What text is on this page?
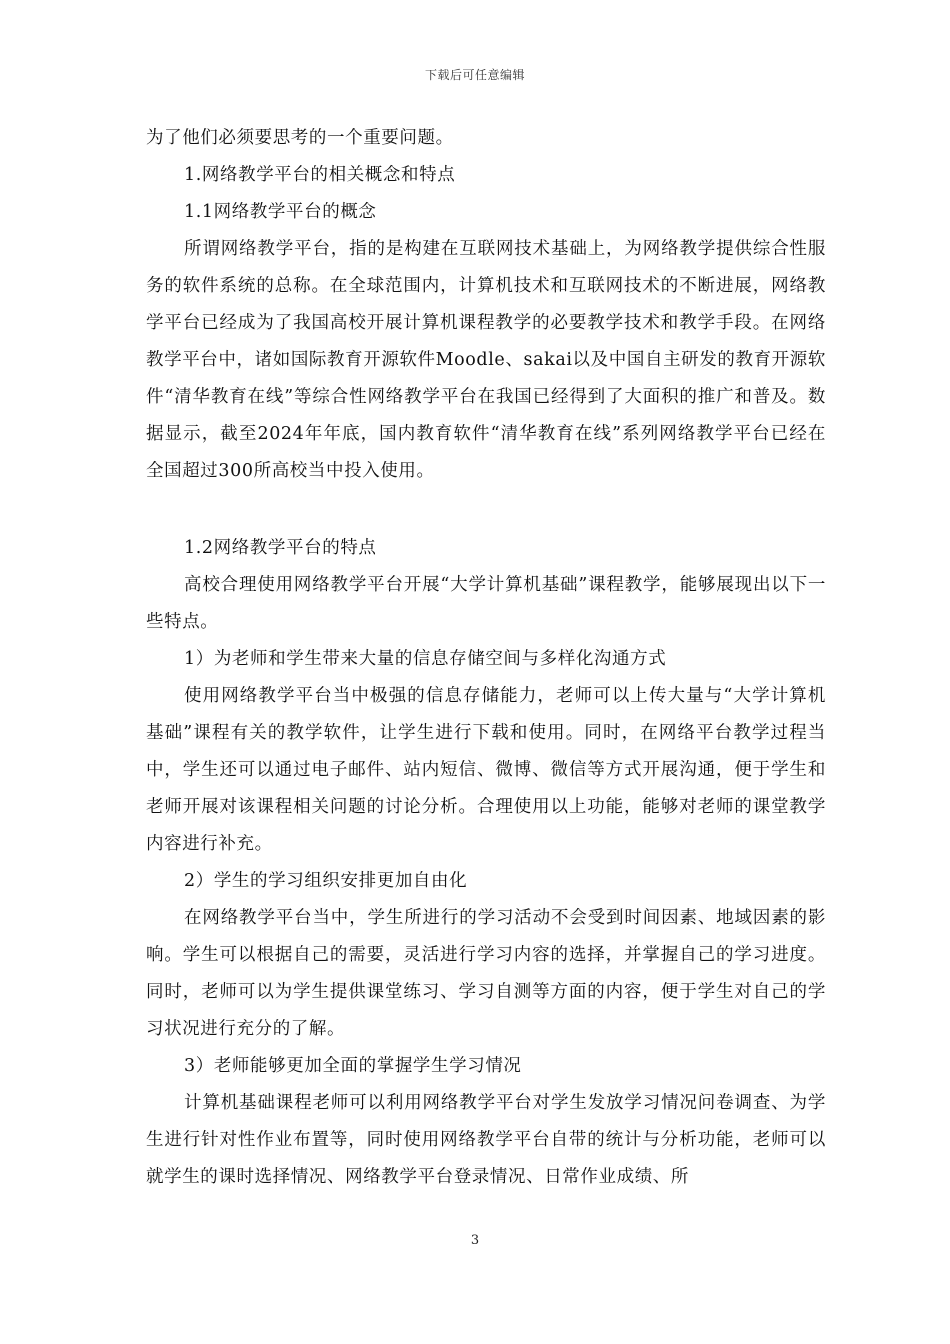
下载后可任意编辑

为了他们必须要思考的一个重要问题。

1.网络教学平台的相关概念和特点

1.1网络教学平台的概念

所谓网络教学平台，指的是构建在互联网技术基础上，为网络教学提供综合性服务的软件系统的总称。在全球范围内，计算机技术和互联网技术的不断进展，网络教学平台已经成为了我国高校开展计算机课程教学的必要教学技术和教学手段。在网络教学平台中，诸如国际教育开源软件Moodle、sakai以及中国自主研发的教育开源软件“清华教育在线”等综合性网络教学平台在我国已经得到了大面积的推广和普及。数据显示，截至2024年年底，国内教育软件“清华教育在线”系列网络教学平台已经在全国超过300所高校当中投入使用。

1.2网络教学平台的特点

高校合理使用网络教学平台开展“大学计算机基础”课程教学，能够展现出以下一些特点。

1）为老师和学生带来大量的信息存储空间与多样化沟通方式

使用网络教学平台当中极强的信息存储能力，老师可以上传大量与“大学计算机基础”课程有关的教学软件，让学生进行下载和使用。同时，在网络平台教学过程当中，学生还可以通过电子邮件、站内短信、微博、微信等方式开展沟通，便于学生和老师开展对该课程相关问题的讨论分析。合理使用以上功能，能够对老师的课堂教学内容进行补充。

2）学生的学习组织安排更加自由化

在网络教学平台当中，学生所进行的学习活动不会受到时间因素、地域因素的影响。学生可以根据自己的需要，灵活进行学习内容的选择，并掌握自己的学习进度。同时，老师可以为学生提供课堂练习、学习自测等方面的内容，便于学生对自己的学习状况进行充分的了解。

3）老师能够更加全面的掌握学生学习情况

计算机基础课程老师可以利用网络教学平台对学生发放学习情况问卷调查、为学生进行针对性作业布置等，同时使用网络教学平台自带的统计与分析功能，老师可以就学生的课时选择情况、网络教学平台登录情况、日常作业成绩、所

3
